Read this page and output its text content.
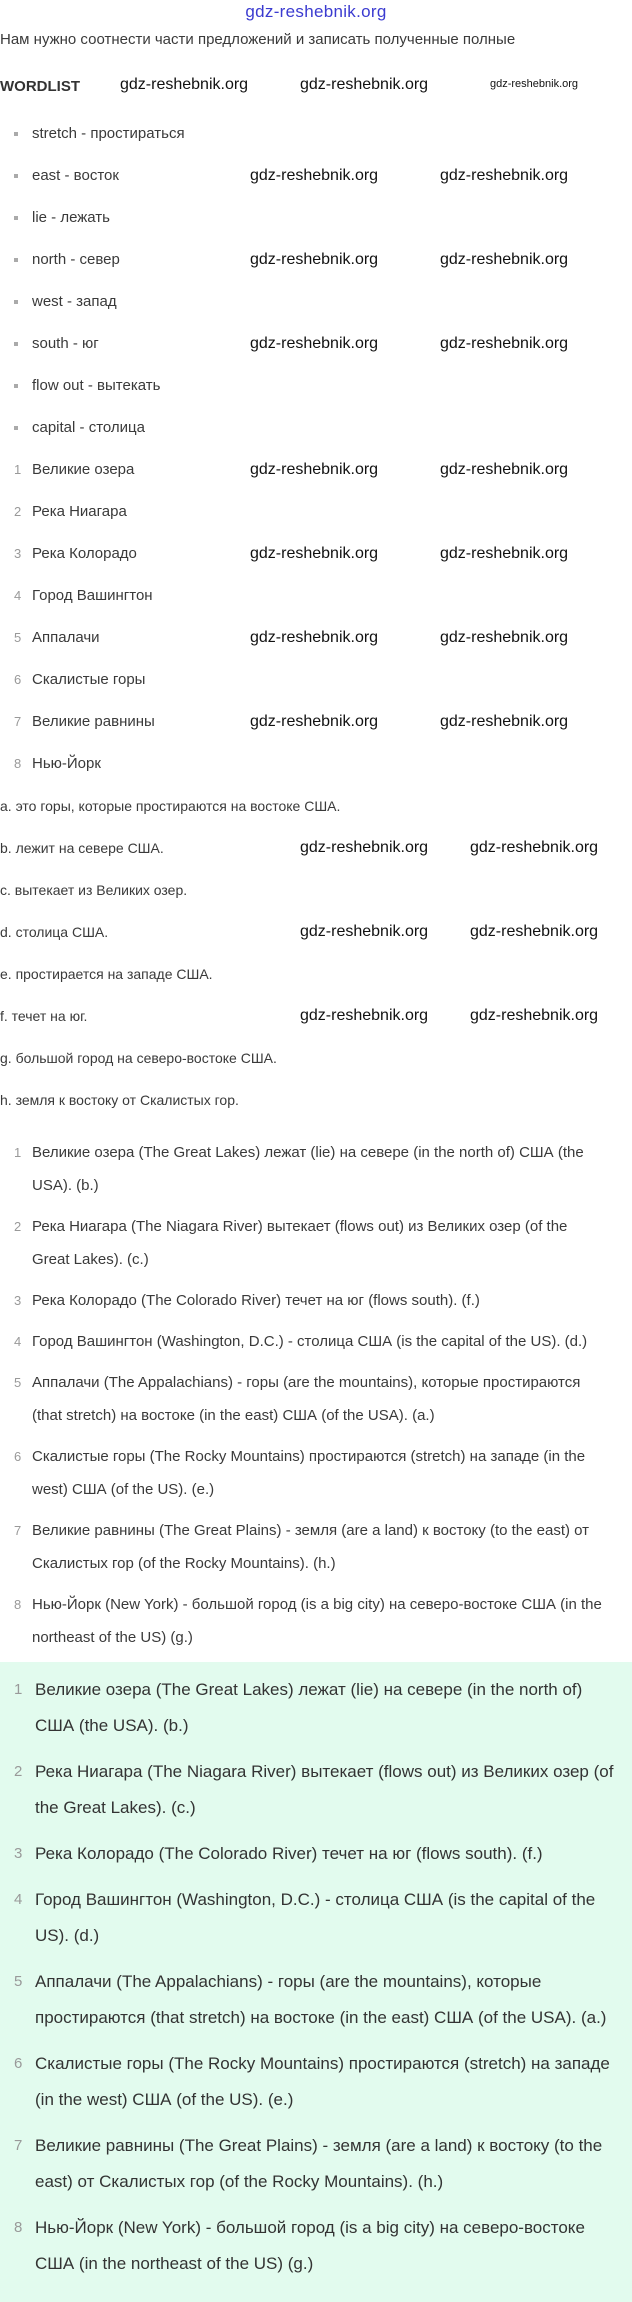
gdz-reshebnik.org
Нам нужно соотнести части предложений и записать полученные полные
WORDLIST	gdz-reshebnik.org	gdz-reshebnik.org	gdz-reshebnik.org
stretch - простираться
east - восток	gdz-reshebnik.org	gdz-reshebnik.org
lie - лежать
north - север	gdz-reshebnik.org	gdz-reshebnik.org
west - запад
south - юг	gdz-reshebnik.org	gdz-reshebnik.org
flow out - вытекать
capital - столица
1 Великие озера	gdz-reshebnik.org	gdz-reshebnik.org
2 Река Ниагара
3 Река Колорадо	gdz-reshebnik.org	gdz-reshebnik.org
4 Город Вашингтон
5 Аппалачи	gdz-reshebnik.org	gdz-reshebnik.org
6 Скалистые горы
7 Великие равнины	gdz-reshebnik.org	gdz-reshebnik.org
8 Нью-Йорк
a. это горы, которые простираются на востоке США.
b. лежит на севере США.	gdz-reshebnik.org	gdz-reshebnik.org
c. вытекает из Великих озер.
d. столица США.	gdz-reshebnik.org	gdz-reshebnik.org
e. простирается на западе США.
f. течет на юг.	gdz-reshebnik.org	gdz-reshebnik.org
g. большой город на северо-востоке США.
h. земля к востоку от Скалистых гор.
1 Великие озера (The Great Lakes) лежат (lie) на севере (in the north of) США (the USA). (b.)
2 Река Ниагара (The Niagara River) вытекает (flows out) из Великих озер (of the Great Lakes). (c.)
3 Река Колорадо (The Colorado River) течет на юг (flows south). (f.)
4 Город Вашингтон (Washington, D.C.) - столица США (is the capital of the US). (d.)
5 Аппалачи (The Appalachians) - горы (are the mountains), которые простираются (that stretch) на востоке (in the east) США (of the USA). (a.)
6 Скалистые горы (The Rocky Mountains) простираются (stretch) на западе (in the west) США (of the US). (e.)
7 Великие равнины (The Great Plains) - земля (are a land) к востоку (to the east) от Скалистых гор (of the Rocky Mountains). (h.)
8 Нью-Йорк (New York) - большой город (is a big city) на северо-востоке США (in the northeast of the US) (g.)
1 Великие озера (The Great Lakes) лежат (lie) на севере (in the north of) США (the USA). (b.)
2 Река Ниагара (The Niagara River) вытекает (flows out) из Великих озер (of the Great Lakes). (c.)
3 Река Колорадо (The Colorado River) течет на юг (flows south). (f.)
4 Город Вашингтон (Washington, D.C.) - столица США (is the capital of the US). (d.)
5 Аппалачи (The Appalachians) - горы (are the mountains), которые простираются (that stretch) на востоке (in the east) США (of the USA). (a.)
6 Скалистые горы (The Rocky Mountains) простираются (stretch) на западе (in the west) США (of the US). (e.)
7 Великие равнины (The Great Plains) - земля (are a land) к востоку (to the east) от Скалистых гор (of the Rocky Mountains). (h.)
8 Нью-Йорк (New York) - большой город (is a big city) на северо-востоке США (in the northeast of the US) (g.)
